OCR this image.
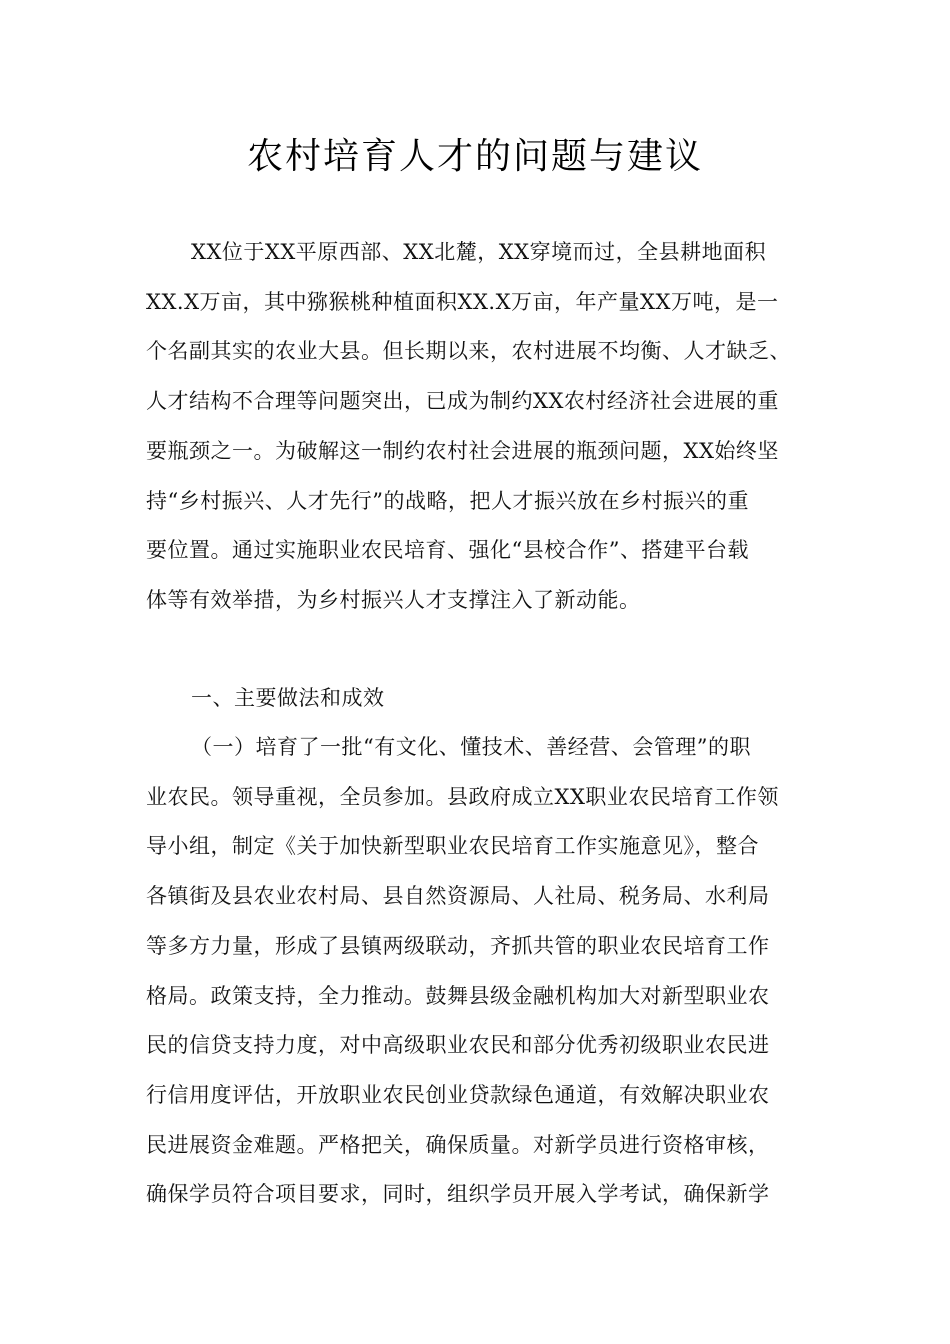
农村培育人才的问题与建议
XX位于XX平原西部、XX北麓，XX穿境而过，全县耕地面积
XX.X万亩，其中猕猴桃种植面积XX.X万亩，年产量XX万吨，是一
个名副其实的农业大县。但长期以来，农村进展不均衡、人才缺乏、
人才结构不合理等问题突出，已成为制约XX农村经济社会进展的重
要瓶颈之一。为破解这一制约农村社会进展的瓶颈问题，XX始终坚
持“乡村振兴、人才先行”的战略，把人才振兴放在乡村振兴的重
要位置。通过实施职业农民培育、强化“县校合作”、搭建平台载
体等有效举措，为乡村振兴人才支撑注入了新动能。
一、主要做法和成效
（一）培育了一批“有文化、懂技术、善经营、会管理”的职
业农民。领导重视，全员参加。县政府成立XX职业农民培育工作领
导小组，制定《关于加快新型职业农民培育工作实施意见》，整合
各镇街及县农业农村局、县自然资源局、人社局、税务局、水利局
等多方力量，形成了县镇两级联动，齐抓共管的职业农民培育工作
格局。政策支持，全力推动。鼓舞县级金融机构加大对新型职业农
民的信贷支持力度，对中高级职业农民和部分优秀初级职业农民进
行信用度评估，开放职业农民创业贷款绿色通道，有效解决职业农
民进展资金难题。严格把关，确保质量。对新学员进行资格审核，
确保学员符合项目要求，同时，组织学员开展入学考试，确保新学
